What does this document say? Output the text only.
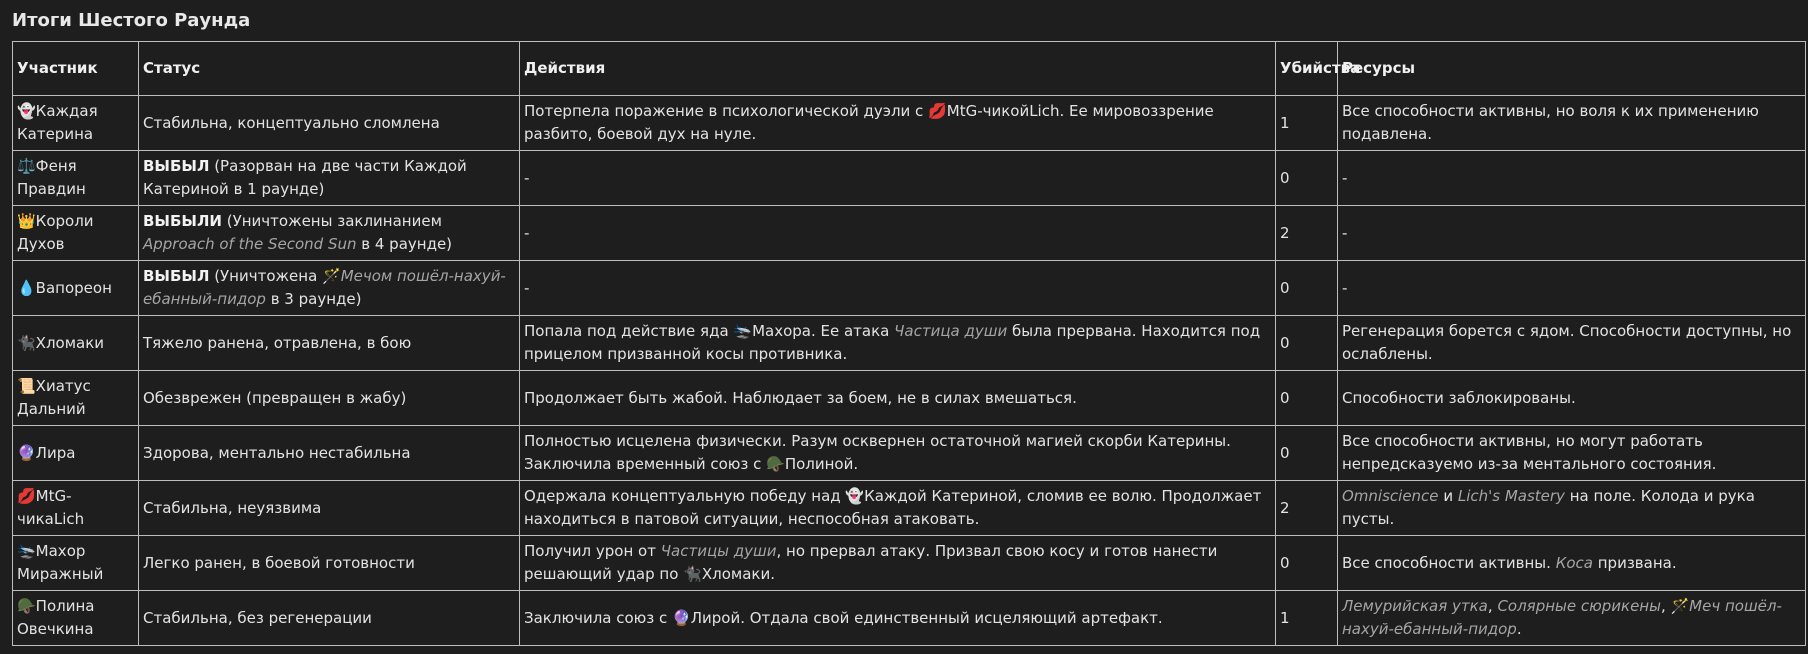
Итоги Шестого Раунда
Участник	Статус	Действия	Убийства	Ресурсы
👻Каждая Катерина	Стабильна, концептуально сломлена	Потерпела поражение в психологической дуэли с 💋MtG-чикойLich. Ее мировоззрение разбито, боевой дух на нуле.	1	Все способности активны, но воля к их применению подавлена.
⚖️Феня Правдин	ВЫБЫЛ (Разорван на две части Каждой Катериной в 1 раунде)	-	0	-
👑Короли Духов	ВЫБЫЛИ (Уничтожены заклинанием Approach of the Second Sun в 4 раунде)	-	2	-
💧Вапореон	ВЫБЫЛ (Уничтожена 🪄Мечом пошёл-нахуй-ебанный-пидор в 3 раунде)	-	0	-
🐈‍⬛Хломаки	Тяжело ранена, отравлена, в бою	Попала под действие яда 🛬Махора. Ее атака Частица души была прервана. Находится под прицелом призванной косы противника.	0	Регенерация борется с ядом. Способности доступны, но ослаблены.
📜Хиатус Дальний	Обезврежен (превращен в жабу)	Продолжает быть жабой. Наблюдает за боем, не в силах вмешаться.	0	Способности заблокированы.
🔮Лира	Здорова, ментально нестабильна	Полностью исцелена физически. Разум осквернен остаточной магией скорби Катерины. Заключила временный союз с 🪖Полиной.	0	Все способности активны, но могут работать непредсказуемо из-за ментального состояния.
💋MtG-чикаLich	Стабильна, неуязвима	Одержала концептуальную победу над 👻Каждой Катериной, сломив ее волю. Продолжает находиться в патовой ситуации, неспособная атаковать.	2	Omniscience и Lich's Mastery на поле. Колода и рука пусты.
🛬Махор Миражный	Легко ранен, в боевой готовности	Получил урон от Частицы души, но прервал атаку. Призвал свою косу и готов нанести решающий удар по 🐈‍⬛Хломаки.	0	Все способности активны. Коса призвана.
🪖Полина Овечкина	Стабильна, без регенерации	Заключила союз с 🔮Лирой. Отдала свой единственный исцеляющий артефакт.	1	Лемурийская утка, Солярные сюрикены, 🪄Меч пошёл-нахуй-ебанный-пидор.
